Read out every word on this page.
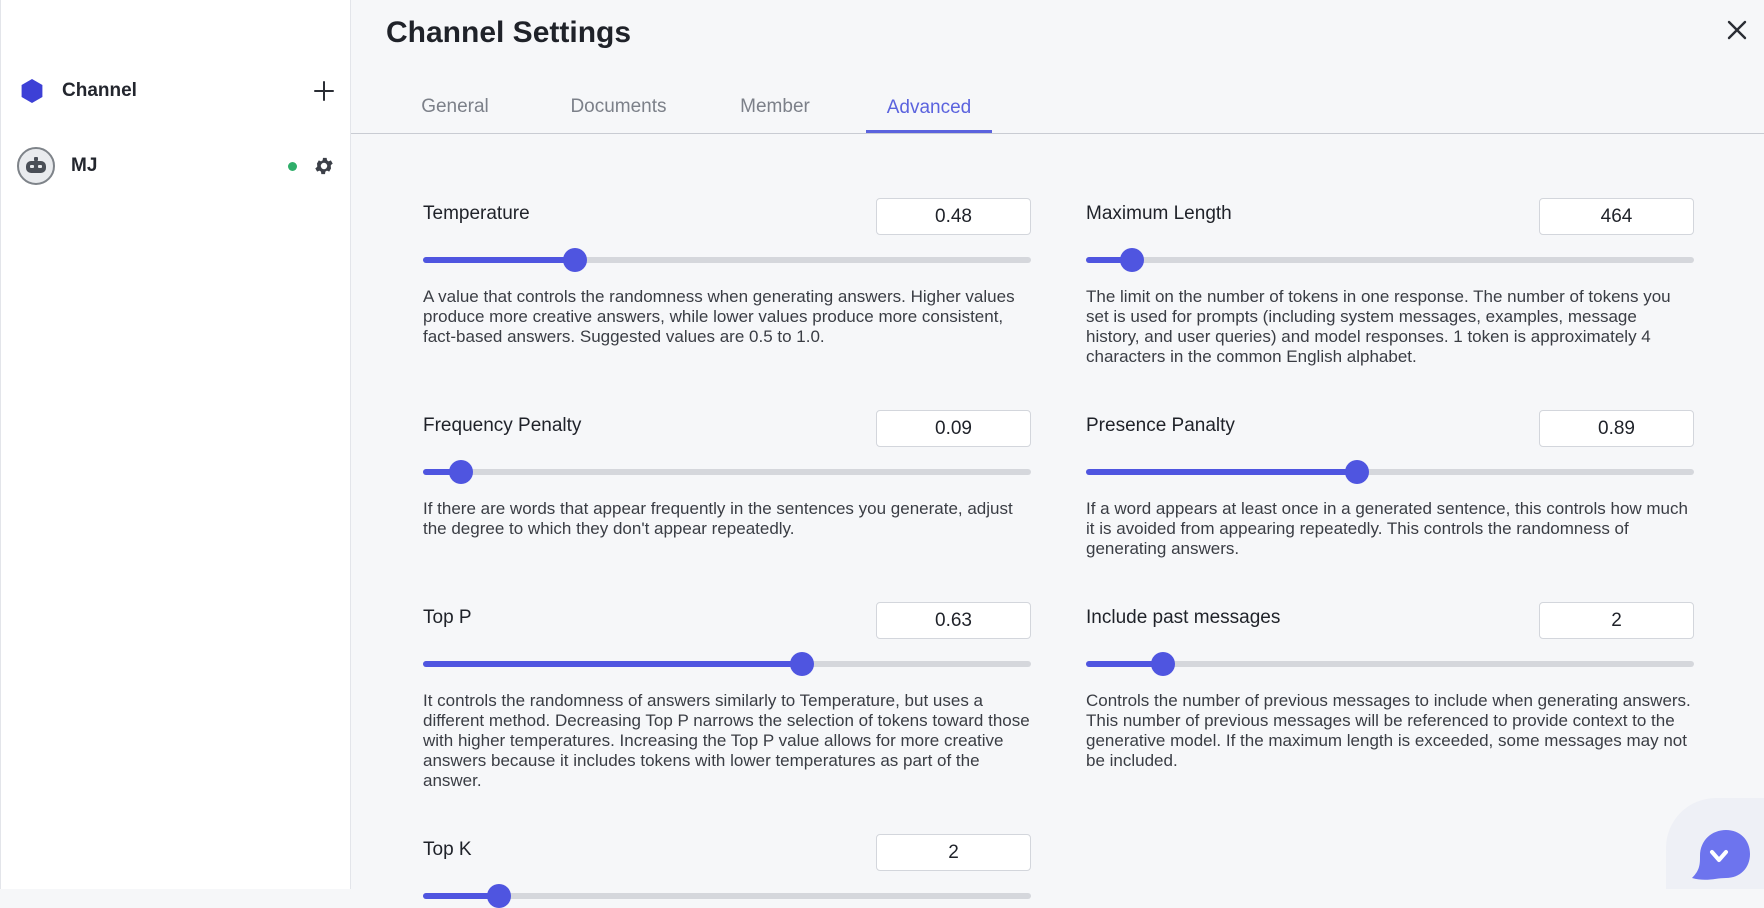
Channel
MJ
Channel Settings
General	Documents	Member	Advanced
Temperature
0.48

A value that controls the randomness when generating answers. Higher values produce more creative answers, while lower values produce more consistent, fact-based answers. Suggested values are 0.5 to 1.0.

Maximum Length
464

The limit on the number of tokens in one response. The number of tokens you set is used for prompts (including system messages, examples, message history, and user queries) and model responses. 1 token is approximately 4 characters in the common English alphabet.

Frequency Penalty
0.09

If there are words that appear frequently in the sentences you generate, adjust the degree to which they don't appear repeatedly.

Presence Panalty
0.89

If a word appears at least once in a generated sentence, this controls how much it is avoided from appearing repeatedly. This controls the randomness of generating answers.

Top P
0.63

It controls the randomness of answers similarly to Temperature, but uses a different method. Decreasing Top P narrows the selection of tokens toward those with higher temperatures. Increasing the Top P value allows for more creative answers because it includes tokens with lower temperatures as part of the answer.

Include past messages
2

Controls the number of previous messages to include when generating answers. This number of previous messages will be referenced to provide context to the generative model. If the maximum length is exceeded, some messages may not be included.

Top K
2
